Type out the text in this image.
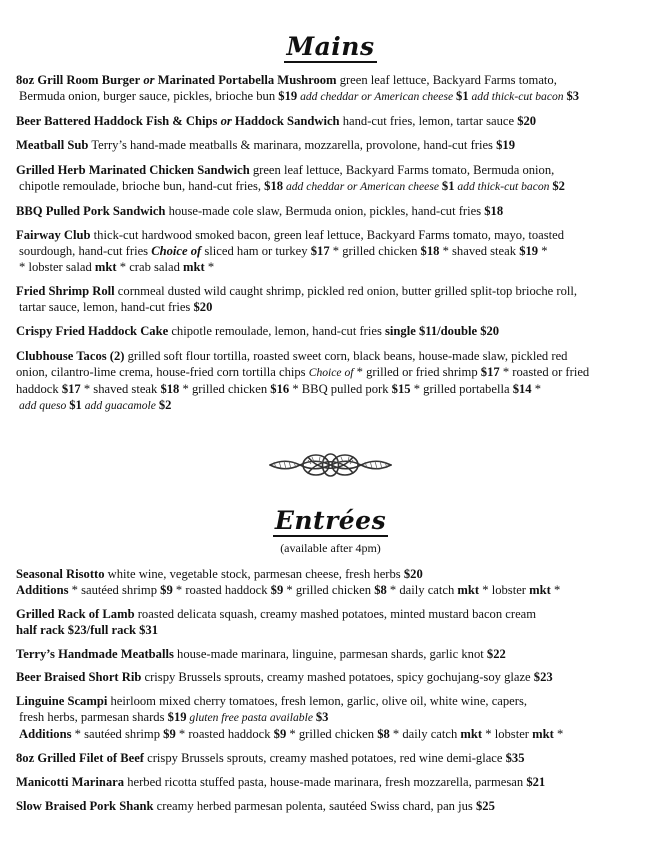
Mains
8oz Grill Room Burger or Marinated Portabella Mushroom green leaf lettuce, Backyard Farms tomato,
Bermuda onion, burger sauce, pickles, brioche bun $19 add cheddar or American cheese $1 add thick-cut bacon $3
Beer Battered Haddock Fish & Chips or Haddock Sandwich hand-cut fries, lemon, tartar sauce $20
Meatball Sub Terry’s hand-made meatballs & marinara, mozzarella, provolone, hand-cut fries $19
Grilled Herb Marinated Chicken Sandwich green leaf lettuce, Backyard Farms tomato, Bermuda onion,
chipotle remoulade, brioche bun, hand-cut fries, $18 add cheddar or American cheese $1 add thick-cut bacon $2
BBQ Pulled Pork Sandwich house-made cole slaw, Bermuda onion, pickles, hand-cut fries $18
Fairway Club thick-cut hardwood smoked bacon, green leaf lettuce, Backyard Farms tomato, mayo, toasted
sourdough, hand-cut fries Choice of sliced ham or turkey $17 * grilled chicken $18 * shaved steak $19 *
* lobster salad mkt * crab salad mkt *
Fried Shrimp Roll cornmeal dusted wild caught shrimp, pickled red onion, butter grilled split-top brioche roll,
tartar sauce, lemon, hand-cut fries $20
Crispy Fried Haddock Cake chipotle remoulade, lemon, hand-cut fries single $11/double $20
Clubhouse Tacos (2) grilled soft flour tortilla, roasted sweet corn, black beans, house-made slaw, pickled red
onion, cilantro-lime crema, house-fried corn tortilla chips Choice of * grilled or fried shrimp $17 * roasted or fried
haddock $17 * shaved steak $18 * grilled chicken $16 * BBQ pulled pork $15 * grilled portabella $14 *
add queso $1 add guacamole $2
Entrées
(available after 4pm)
Seasonal Risotto white wine, vegetable stock, parmesan cheese, fresh herbs $20
Additions * sautéed shrimp $9 * roasted haddock $9 * grilled chicken $8 * daily catch mkt * lobster mkt *
Grilled Rack of Lamb roasted delicata squash, creamy mashed potatoes, minted mustard bacon cream
half rack $23/full rack $31
Terry’s Handmade Meatballs house-made marinara, linguine, parmesan shards, garlic knot $22
Beer Braised Short Rib crispy Brussels sprouts, creamy mashed potatoes, spicy gochujang-soy glaze $23
Linguine Scampi heirloom mixed cherry tomatoes, fresh lemon, garlic, olive oil, white wine, capers,
fresh herbs, parmesan shards $19 gluten free pasta available $3
Additions * sautéed shrimp $9 * roasted haddock $9 * grilled chicken $8 * daily catch mkt * lobster mkt *
8oz Grilled Filet of Beef crispy Brussels sprouts, creamy mashed potatoes, red wine demi-glace $35
Manicotti Marinara herbed ricotta stuffed pasta, house-made marinara, fresh mozzarella, parmesan $21
Slow Braised Pork Shank creamy herbed parmesan polenta, sautéed Swiss chard, pan jus $25
